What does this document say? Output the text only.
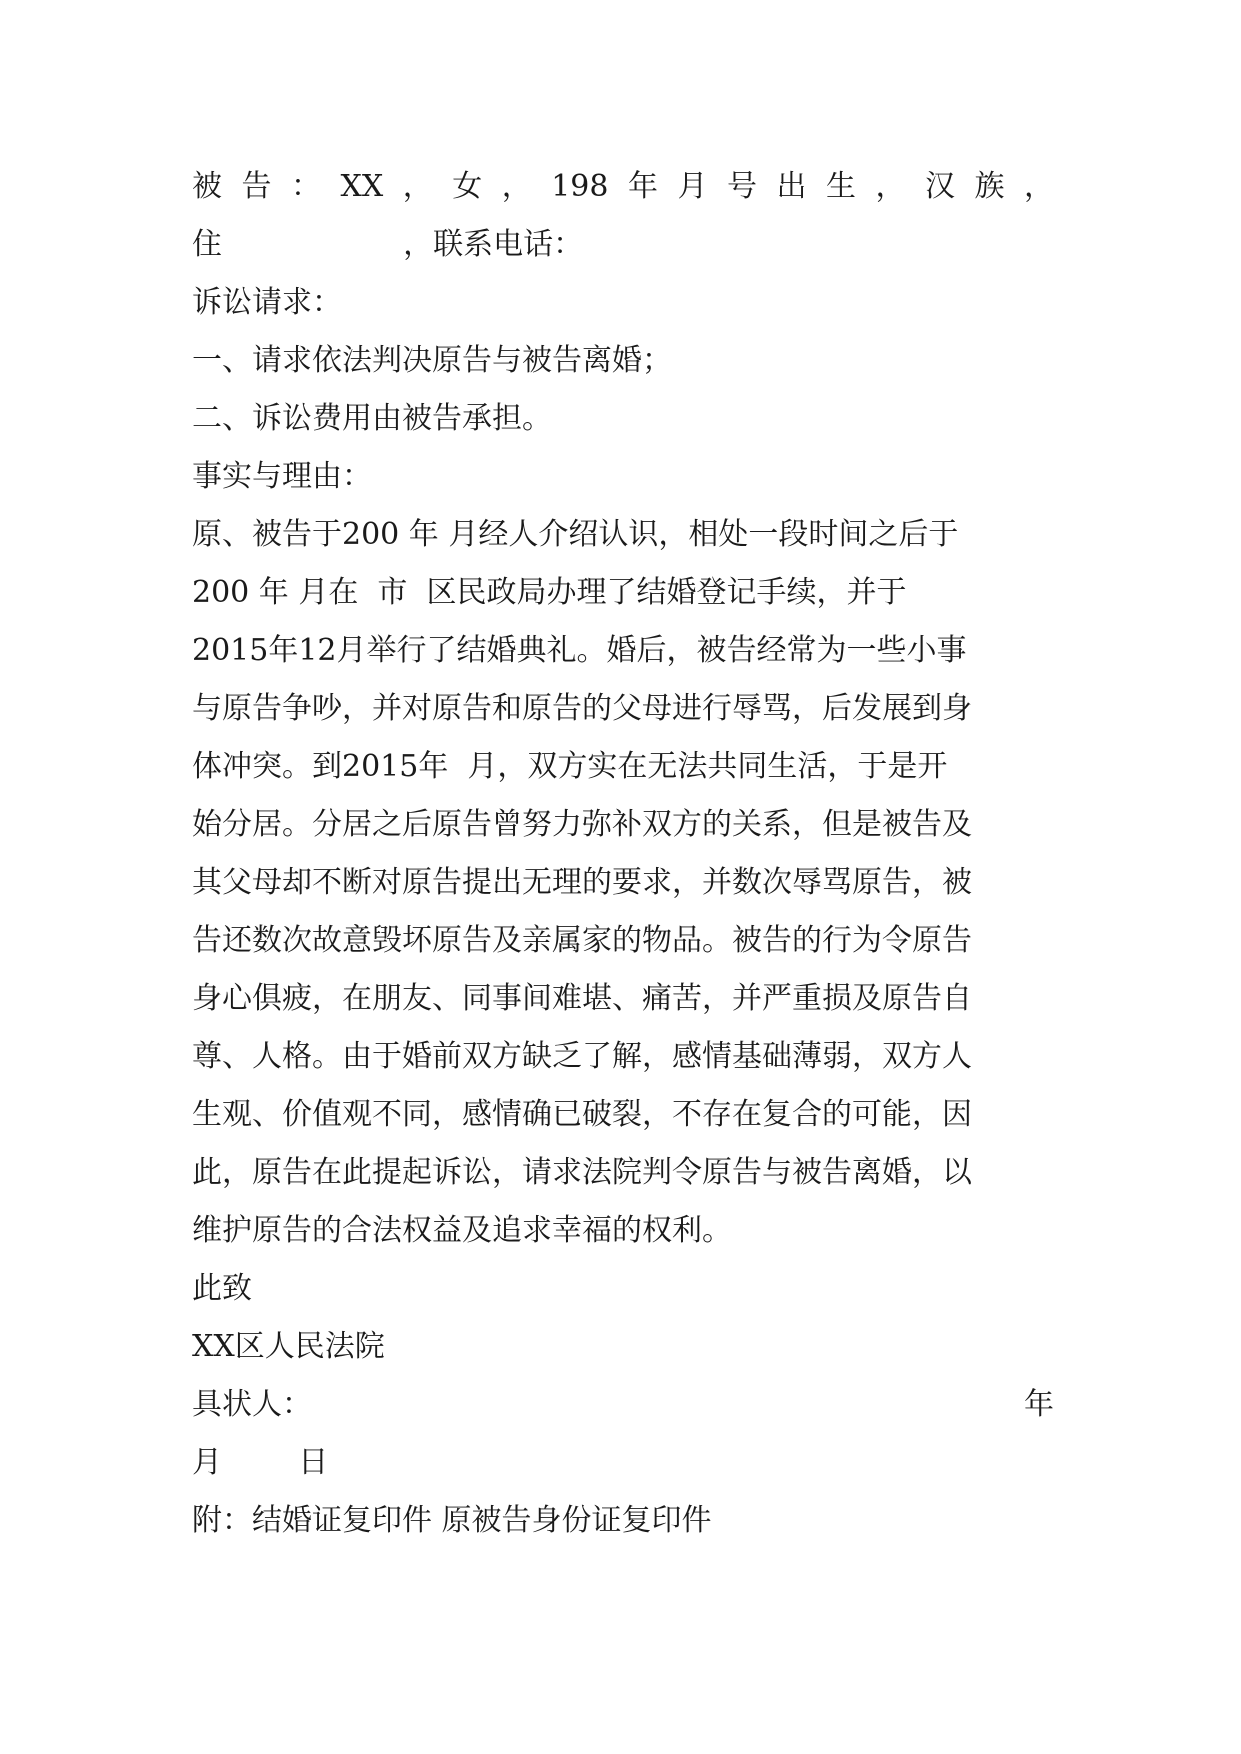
被 告 ： XX ， 女 ， 198 年 月 号 出 生 ， 汉 族 ，
住                   ，联系电话：
诉讼请求：
一、请求依法判决原告与被告离婚；
二、诉讼费用由被告承担。
事实与理由：
原、被告于200 年 月经人介绍认识，相处一段时间之后于
200 年 月在  市  区民政局办理了结婚登记手续，并于
2015年12月举行了结婚典礼。婚后，被告经常为一些小事
与原告争吵，并对原告和原告的父母进行辱骂，后发展到身
体冲突。到2015年  月，双方实在无法共同生活，于是开
始分居。分居之后原告曾努力弥补双方的关系，但是被告及
其父母却不断对原告提出无理的要求，并数次辱骂原告，被
告还数次故意毁坏原告及亲属家的物品。被告的行为令原告
身心俱疲，在朋友、同事间难堪、痛苦，并严重损及原告自
尊、人格。由于婚前双方缺乏了解，感情基础薄弱，双方人
生观、价值观不同，感情确已破裂，不存在复合的可能，因
此，原告在此提起诉讼，请求法院判令原告与被告离婚，以
维护原告的合法权益及追求幸福的权利。
此致
XX区人民法院
具状人：	年
月        日
附：结婚证复印件 原被告身份证复印件
